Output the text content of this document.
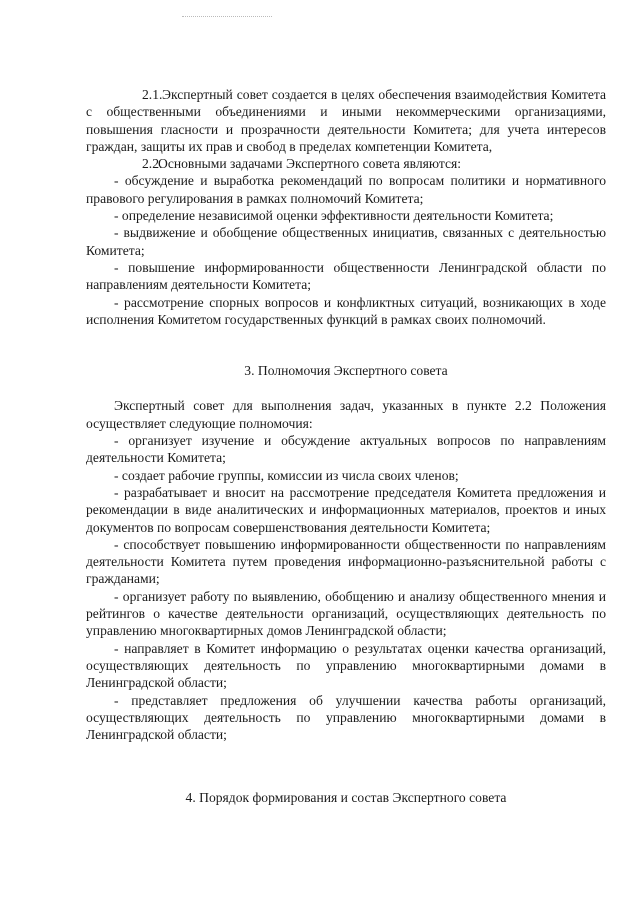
2.1.Экспертный совет создается в целях обеспечения взаимодействия Комитета с общественными объединениями и иными некоммерческими организациями, повышения гласности и прозрачности деятельности Комитета; для учета интересов граждан, защиты их прав и свобод в пределах компетенции Комитета,

2.2.Основными задачами Экспертного совета являются:

- обсуждение и выработка рекомендаций по вопросам политики и нормативного правового регулирования в рамках полномочий Комитета;

- определение независимой оценки эффективности деятельности Комитета;

- выдвижение и обобщение общественных инициатив, связанных с деятельностью Комитета;

- повышение информированности общественности Ленинградской области по направлениям деятельности Комитета;

- рассмотрение спорных вопросов и конфликтных ситуаций, возникающих в ходе исполнения Комитетом государственных функций в рамках своих полномочий.

3. Полномочия Экспертного совета

Экспертный совет для выполнения задач, указанных в пункте 2.2 Положения осуществляет следующие полномочия:

- организует изучение и обсуждение актуальных вопросов по направлениям деятельности Комитета;

- создает рабочие группы, комиссии из числа своих членов;

- разрабатывает и вносит на рассмотрение председателя Комитета предложения и рекомендации в виде аналитических и информационных материалов, проектов и иных документов по вопросам совершенствования деятельности Комитета;

- способствует повышению информированности общественности по направлениям деятельности Комитета путем проведения информационно-разъяснительной работы с гражданами;

- организует работу по выявлению, обобщению и анализу общественного мнения и рейтингов о качестве деятельности организаций, осуществляющих деятельность по управлению многоквартирных домов Ленинградской области;

- направляет в Комитет информацию о результатах оценки качества организаций, осуществляющих деятельность по управлению многоквартирными домами в Ленинградской области;

- представляет предложения об улучшении качества работы организаций, осуществляющих деятельность по управлению многоквартирными домами в Ленинградской области;

4. Порядок формирования и состав Экспертного совета
